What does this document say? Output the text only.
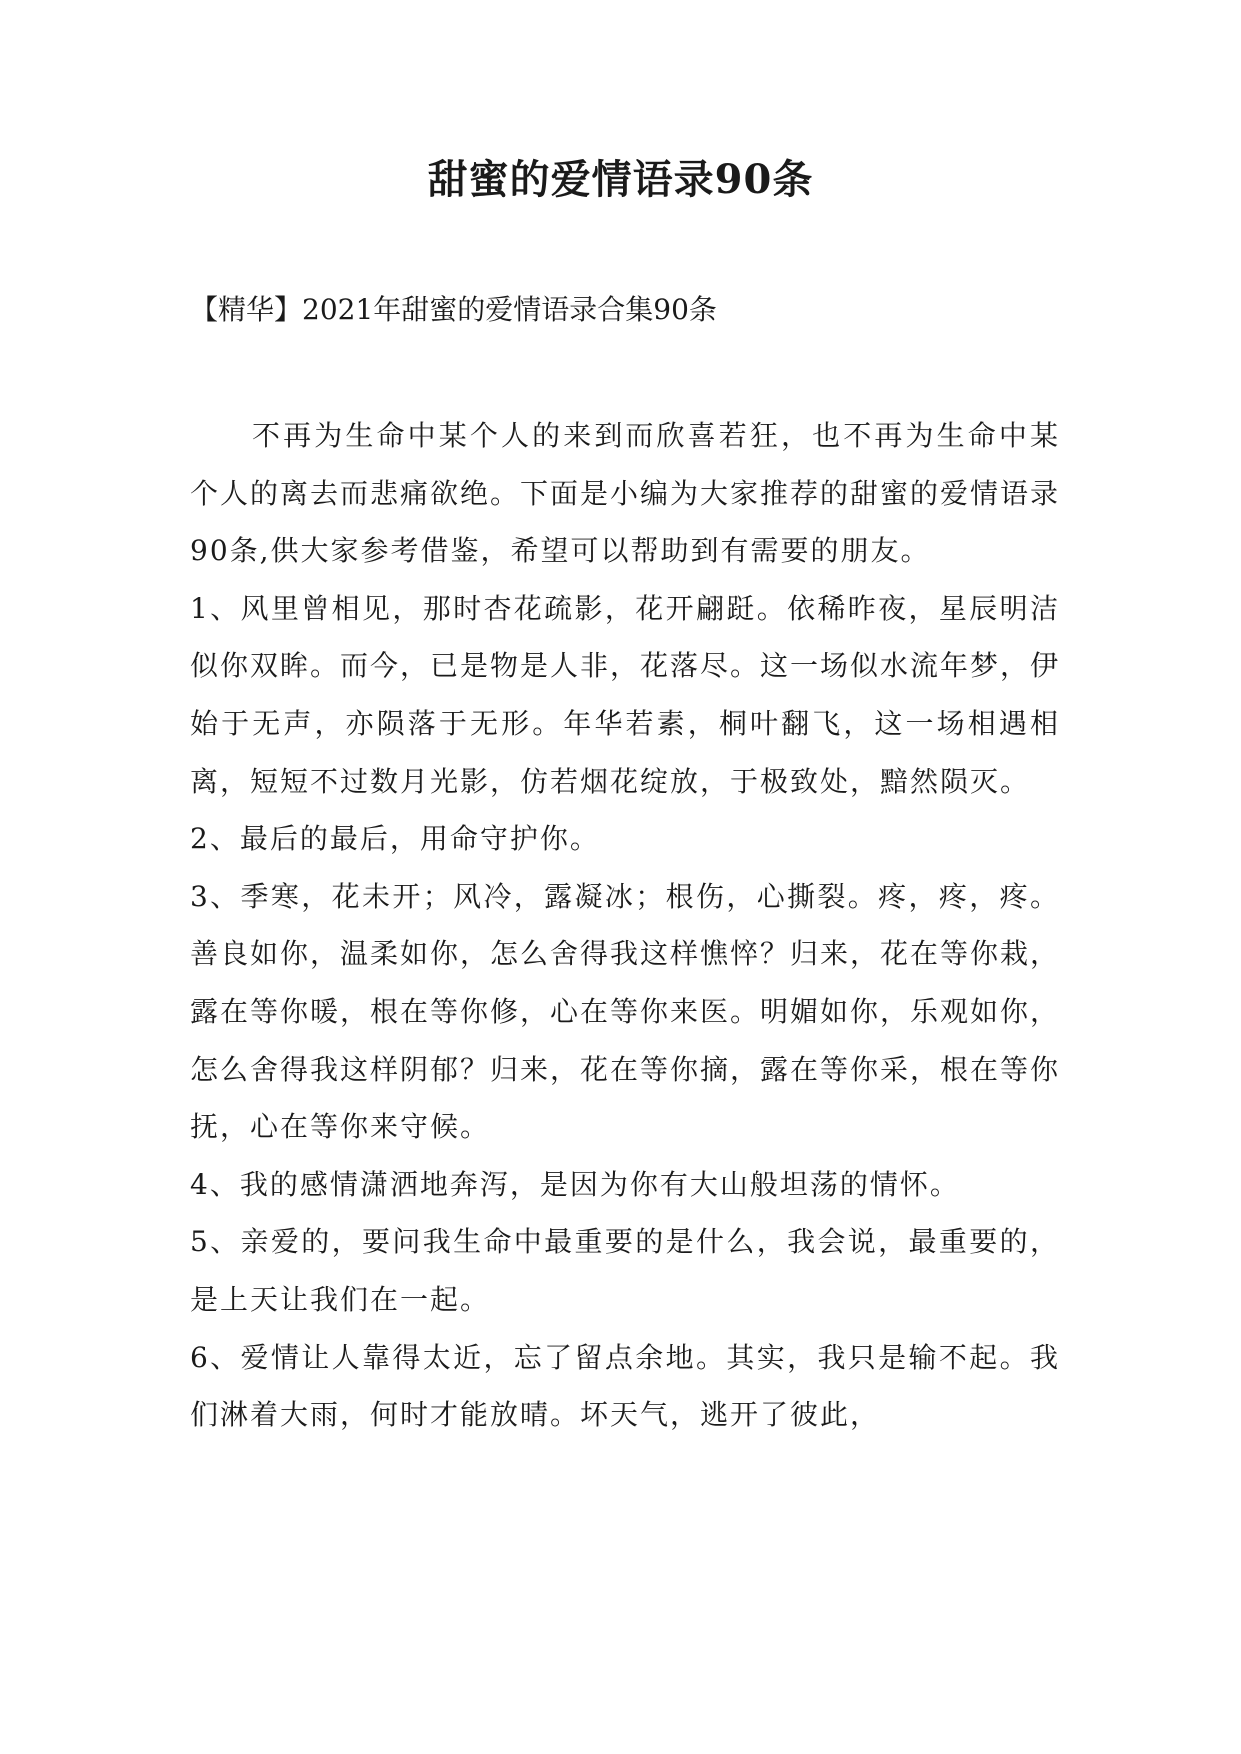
甜蜜的爱情语录90条
【精华】2021年甜蜜的爱情语录合集90条

不再为生命中某个人的来到而欣喜若狂，也不再为生命中某个人的离去而悲痛欲绝。下面是小编为大家推荐的甜蜜的爱情语录90条,供大家参考借鉴，希望可以帮助到有需要的朋友。

1、风里曾相见，那时杏花疏影，花开翩跹。依稀昨夜，星辰明洁似你双眸。而今，已是物是人非，花落尽。这一场似水流年梦，伊始于无声，亦陨落于无形。年华若素，桐叶翻飞，这一场相遇相离，短短不过数月光影，仿若烟花绽放，于极致处，黯然陨灭。

2、最后的最后，用命守护你。

3、季寒，花未开；风冷，露凝冰；根伤，心撕裂。疼，疼，疼。善良如你，温柔如你，怎么舍得我这样憔悴？归来，花在等你栽，露在等你暖，根在等你修，心在等你来医。明媚如你，乐观如你，怎么舍得我这样阴郁？归来，花在等你摘，露在等你采，根在等你抚，心在等你来守候。

4、我的感情潇洒地奔泻，是因为你有大山般坦荡的情怀。

5、亲爱的，要问我生命中最重要的是什么，我会说，最重要的，是上天让我们在一起。

6、爱情让人靠得太近，忘了留点余地。其实，我只是输不起。我们淋着大雨，何时才能放晴。坏天气，逃开了彼此，
